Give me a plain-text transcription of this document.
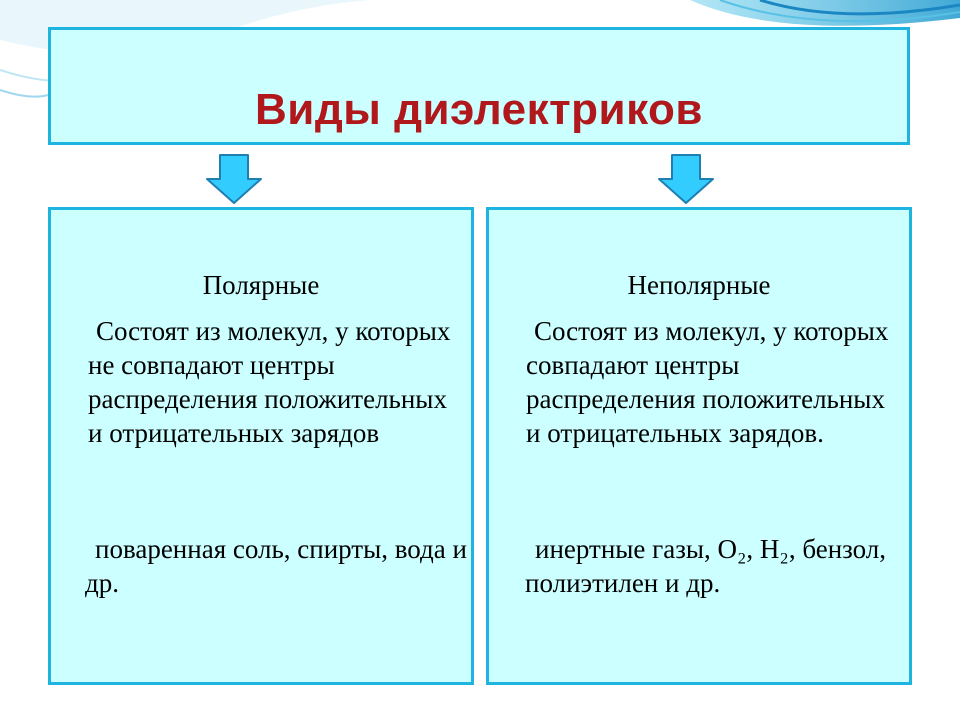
Виды диэлектриков
Полярные
Состоят из молекул, у которых не совпадают центры распределения положительных и отрицательных зарядов
поваренная соль, спирты, вода и др.
Неполярные
Состоят из молекул, у которых совпадают центры распределения положительных и отрицательных зарядов.
инертные газы, О₂, Н₂, бензол, полиэтилен и др.
